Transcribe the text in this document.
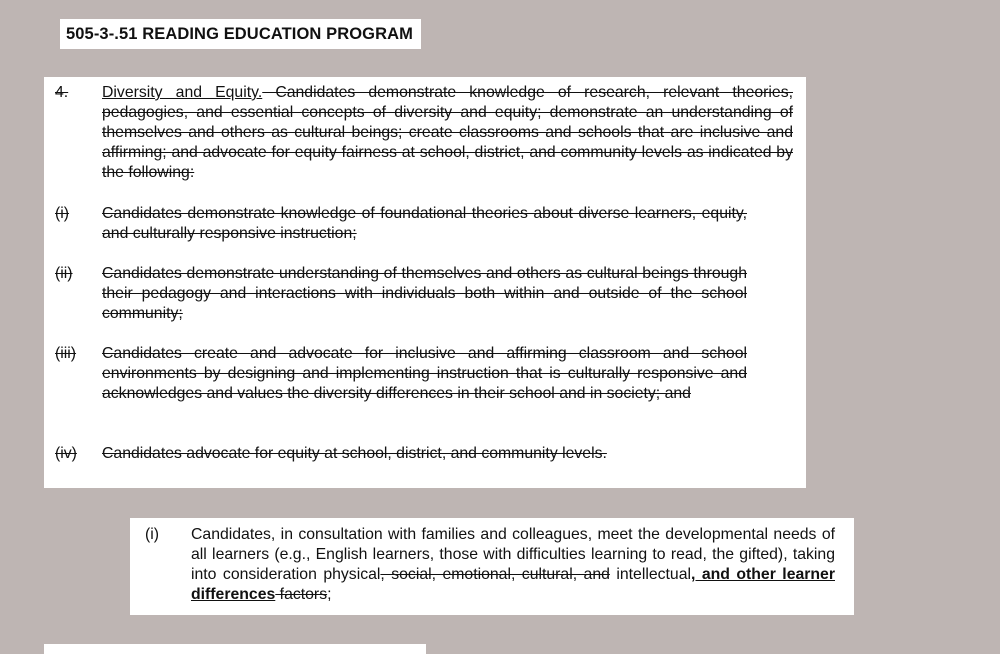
505-3-.51 READING EDUCATION PROGRAM
4. Diversity and Equity. Candidates demonstrate knowledge of research, relevant theories, pedagogies, and essential concepts of diversity and equity; demonstrate an understanding of themselves and others as cultural beings; create classrooms and schools that are inclusive and affirming; and advocate for equity fairness at school, district, and community levels as indicated by the following:
(i) Candidates demonstrate knowledge of foundational theories about diverse learners, equity, and culturally responsive instruction;
(ii) Candidates demonstrate understanding of themselves and others as cultural beings through their pedagogy and interactions with individuals both within and outside of the school community;
(iii) Candidates create and advocate for inclusive and affirming classroom and school environments by designing and implementing instruction that is culturally responsive and acknowledges and values the diversity differences in their school and in society; and
(iv) Candidates advocate for equity at school, district, and community levels.
(i) Candidates, in consultation with families and colleagues, meet the developmental needs of all learners (e.g., English learners, those with difficulties learning to read, the gifted), taking into consideration physical, social, emotional, cultural, and intellectual, and other learner differences factors;
